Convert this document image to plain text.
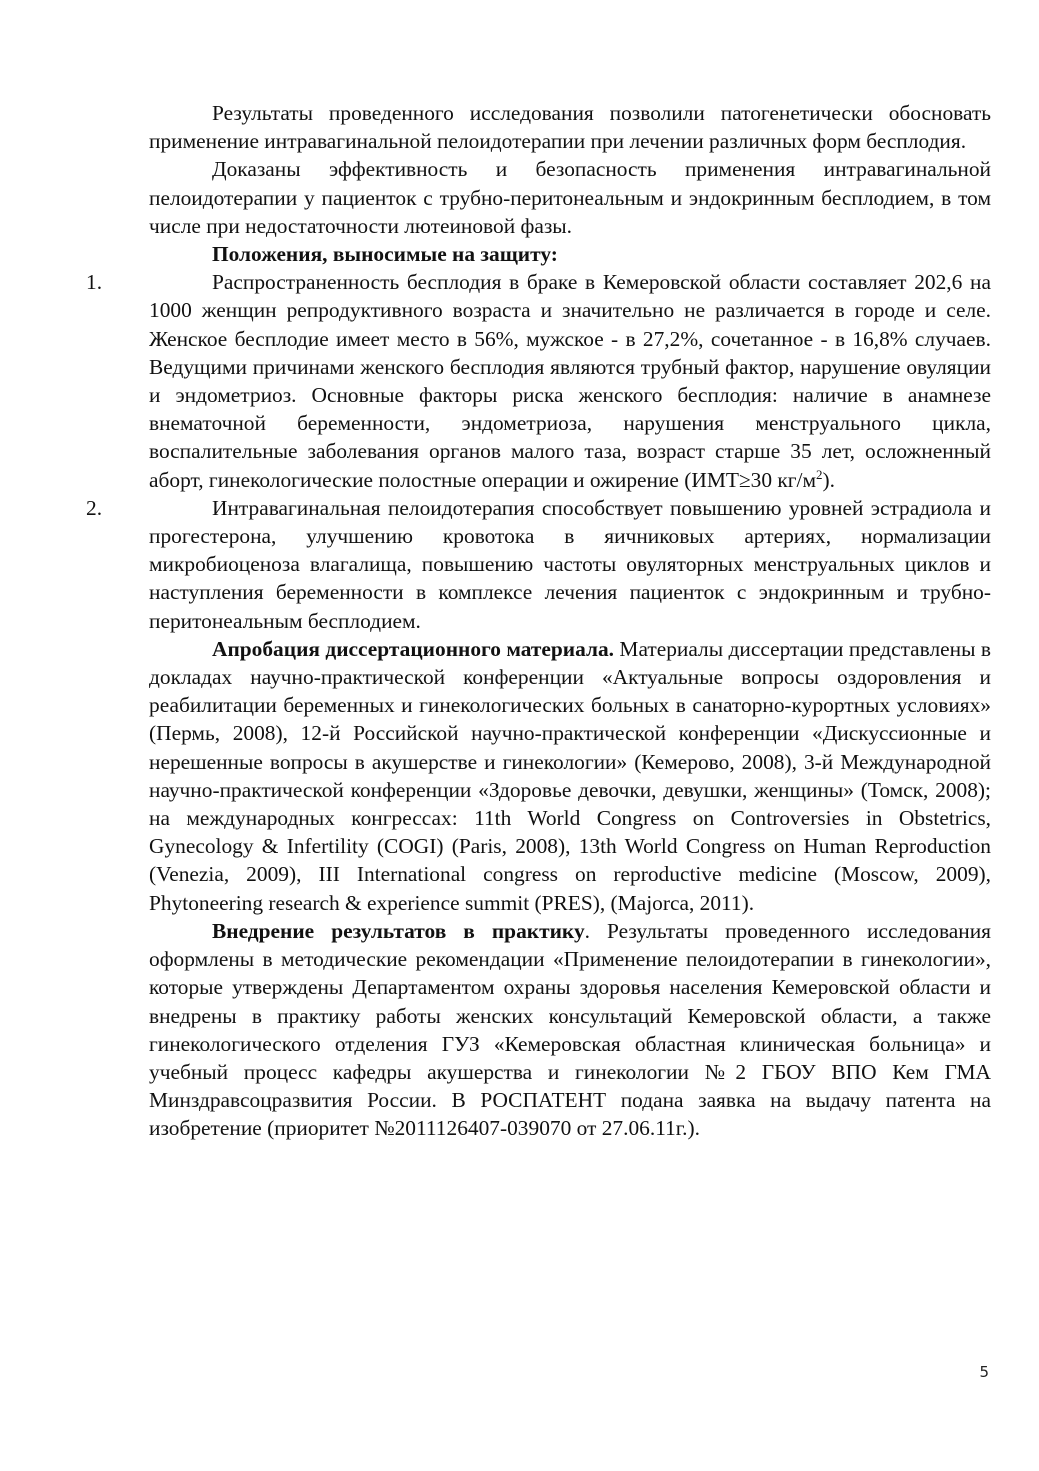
Результаты проведенного исследования позволили патогенетически обосновать применение интравагинальной пелоидотерапии при лечении различных форм бесплодия.

Доказаны эффективность и безопасность применения интравагинальной пелоидотерапии у пациенток с трубно-перитонеальным и эндокринным бесплодием, в том числе при недостаточности лютеиновой фазы.

Положения, выносимые на защиту:

1.	Распространенность бесплодия в браке в Кемеровской области составляет 202,6 на 1000 женщин репродуктивного возраста и значительно не различается в городе и селе. Женское бесплодие имеет место в 56%, мужское - в 27,2%, сочетанное - в 16,8% случаев. Ведущими причинами женского бесплодия являются трубный фактор, нарушение овуляции и эндометриоз. Основные факторы риска женского бесплодия: наличие в анамнезе внематочной беременности, эндометриоза, нарушения менструального цикла, воспалительные заболевания органов малого таза, возраст старше 35 лет, осложненный аборт, гинекологические полостные операции и ожирение (ИМТ≥30 $кг/м^2$).

2.	Интравагинальная пелоидотерапия способствует повышению уровней эстрадиола и прогестерона, улучшению кровотока в яичниковых артериях, нормализации микробиоценоза влагалища, повышению частоты овуляторных менструальных циклов и наступления беременности в комплексе лечения пациенток с эндокринным и трубно-перитонеальным бесплодием.

Апробация диссертационного материала. Материалы диссертации представлены в докладах научно-практической конференции «Актуальные вопросы оздоровления и реабилитации беременных и гинекологических больных в санаторно-курортных условиях» (Пермь, 2008), 12-й Российской научно-практической конференции «Дискуссионные и нерешенные вопросы в акушерстве и гинекологии» (Кемерово, 2008), 3-й Международной научно-практической конференции «Здоровье девочки, девушки, женщины» (Томск, 2008); на международных конгрессах: 11th World Congress on Controversies in Obstetrics, Gynecology & Infertility (COGI) (Paris, 2008), 13th World Congress on Human Reproduction (Venezia, 2009), III International congress on reproductive medicine (Moscow, 2009), Phytoneering research & experience summit (PRES), (Majorca, 2011).

Внедрение результатов в практику. Результаты проведенного исследования оформлены в методические рекомендации «Применение пелоидотерапии в гинекологии», которые утверждены Департаментом охраны здоровья населения Кемеровской области и внедрены в практику работы женских консультаций Кемеровской области, а также гинекологического отделения ГУЗ «Кемеровская областная клиническая больница» и учебный процесс кафедры акушерства и гинекологии №2 ГБОУ ВПО Кем ГМА Минздравсоцразвития России. В РОСПАТЕНТ подана заявка на выдачу патента на изобретение (приоритет №2011126407-039070 от 27.06.11г.).

5
